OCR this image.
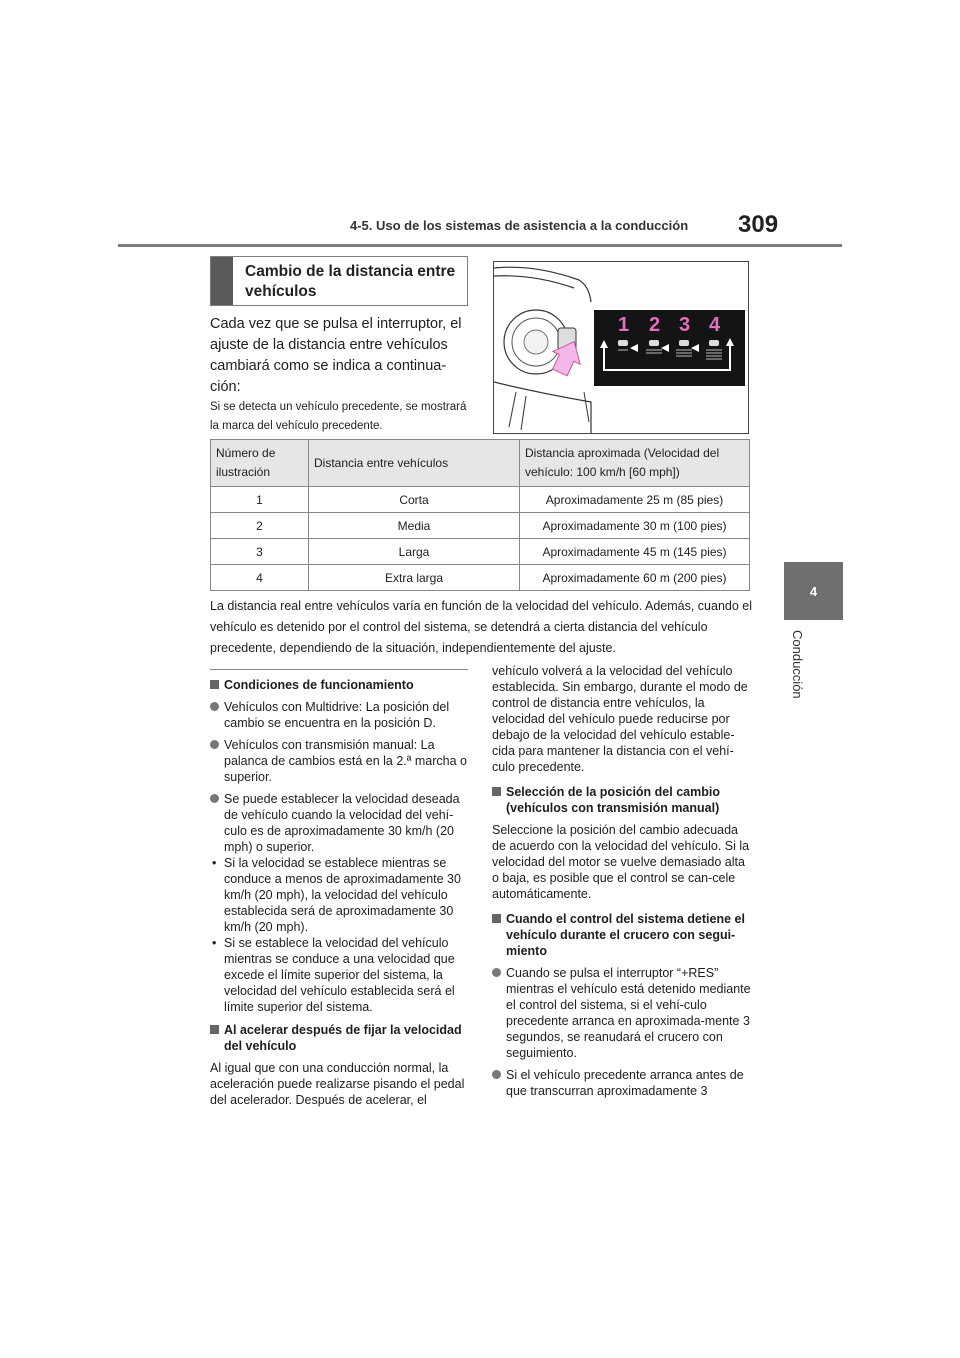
4-5. Uso de los sistemas de asistencia a la conducción 309
4
Conducción
Cambio de la distancia entre vehículos
Cada vez que se pulsa el interruptor, el ajuste de la distancia entre vehículos cambiará como se indica a continua-ción:
Si se detecta un vehículo precedente, se mostrará la marca del vehículo precedente.
1 2 3 4
Número de ilustración	Distancia entre vehículos	Distancia aproximada (Velocidad del vehículo: 100 km/h [60 mph])
1	Corta	Aproximadamente 25 m (85 pies)
2	Media	Aproximadamente 30 m (100 pies)
3	Larga	Aproximadamente 45 m (145 pies)
4	Extra larga	Aproximadamente 60 m (200 pies)
La distancia real entre vehículos varía en función de la velocidad del vehículo. Además, cuando el vehículo es detenido por el control del sistema, se detendrá a cierta distancia del vehículo precedente, dependiendo de la situación, independientemente del ajuste.

Condiciones de funcionamiento

Vehículos con Multidrive: La posición del cambio se encuentra en la posición D.

Vehículos con transmisión manual: La palanca de cambios está en la 2.ª marcha o superior.

Se puede establecer la velocidad deseada de vehículo cuando la velocidad del vehí-culo es de aproximadamente 30 km/h (20 mph) o superior.

• Si la velocidad se establece mientras se conduce a menos de aproximadamente 30 km/h (20 mph), la velocidad del vehículo establecida será de aproximadamente 30 km/h (20 mph).

• Si se establece la velocidad del vehículo mientras se conduce a una velocidad que excede el límite superior del sistema, la velocidad del vehículo establecida será el límite superior del sistema.

Al acelerar después de fijar la velocidad del vehículo

Al igual que con una conducción normal, la aceleración puede realizarse pisando el pedal del acelerador. Después de acelerar, el

vehículo volverá a la velocidad del vehículo establecida. Sin embargo, durante el modo de control de distancia entre vehículos, la velocidad del vehículo puede reducirse por debajo de la velocidad del vehículo estable-cida para mantener la distancia con el vehí-culo precedente.

Selección de la posición del cambio (vehículos con transmisión manual)

Seleccione la posición del cambio adecuada de acuerdo con la velocidad del vehículo. Si la velocidad del motor se vuelve demasiado alta o baja, es posible que el control se can-cele automáticamente.

Cuando el control del sistema detiene el vehículo durante el crucero con segui-miento

Cuando se pulsa el interruptor “+RES” mientras el vehículo está detenido mediante el control del sistema, si el vehí-culo precedente arranca en aproximada-mente 3 segundos, se reanudará el crucero con seguimiento.

Si el vehículo precedente arranca antes de que transcurran aproximadamente 3
